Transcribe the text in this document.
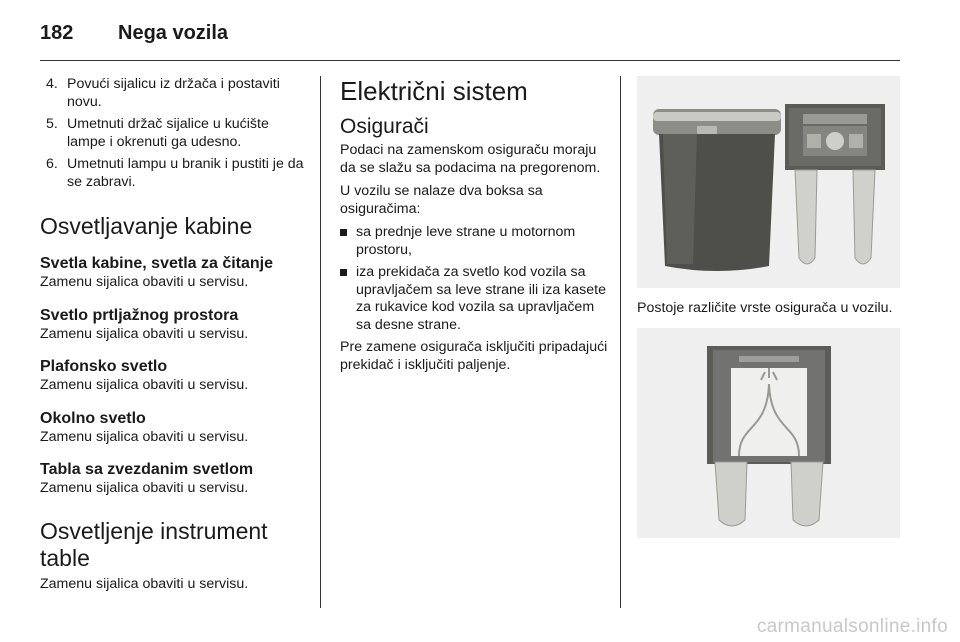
182 Nega vozila
4. Povući sijalicu iz držača i postaviti novu.
5. Umetnuti držač sijalice u kućište lampe i okrenuti ga udesno.
6. Umetnuti lampu u branik i pustiti je da se zabravi.
Osvetljavanje kabine
Svetla kabine, svetla za čitanje

Zamenu sijalica obaviti u servisu.

Svetlo prtljažnog prostora

Zamenu sijalica obaviti u servisu.

Plafonsko svetlo

Zamenu sijalica obaviti u servisu.

Okolno svetlo

Zamenu sijalica obaviti u servisu.

Tabla sa zvezdanim svetlom

Zamenu sijalica obaviti u servisu.

Osvetljenje instrument table

Zamenu sijalica obaviti u servisu.

Električni sistem
Osigurači

Podaci na zamenskom osiguraču moraju da se slažu sa podacima na pregorenom.

U vozilu se nalaze dva boksa sa osiguračima:

sa prednje leve strane u motornom prostoru,
iza prekidača za svetlo kod vozila sa upravljačem sa leve strane ili iza kasete za rukavice kod vozila sa upravljačem sa desne strane.

Pre zamene osigurača isključiti pripadajući prekidač i isključiti paljenje.

Postoje različite vrste osigurača u vozilu.

carmanualsonline.info
